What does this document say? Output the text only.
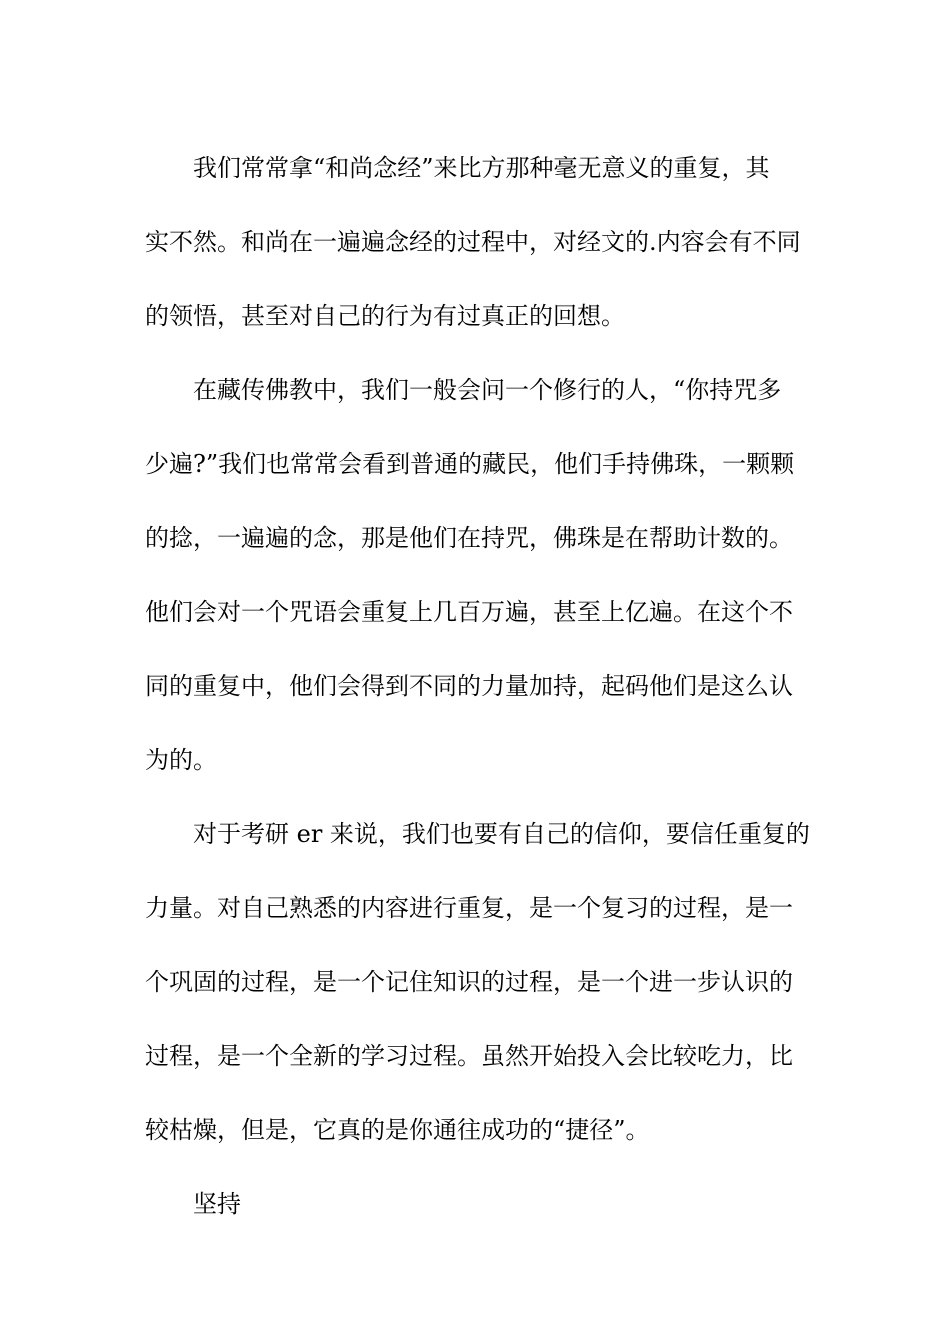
我们常常拿“和尚念经”来比方那种毫无意义的重复，其
实不然。和尚在一遍遍念经的过程中，对经文的.内容会有不同
的领悟，甚至对自己的行为有过真正的回想。

在藏传佛教中，我们一般会问一个修行的人，“你持咒多
少遍?”我们也常常会看到普通的藏民，他们手持佛珠，一颗颗
的捻，一遍遍的念，那是他们在持咒，佛珠是在帮助计数的。
他们会对一个咒语会重复上几百万遍，甚至上亿遍。在这个不
同的重复中，他们会得到不同的力量加持，起码他们是这么认
为的。

对于考研 er 来说，我们也要有自己的信仰，要信任重复的
力量。对自己熟悉的内容进行重复，是一个复习的过程，是一
个巩固的过程，是一个记住知识的过程，是一个进一步认识的
过程，是一个全新的学习过程。虽然开始投入会比较吃力，比
较枯燥，但是，它真的是你通往成功的“捷径”。

坚持
